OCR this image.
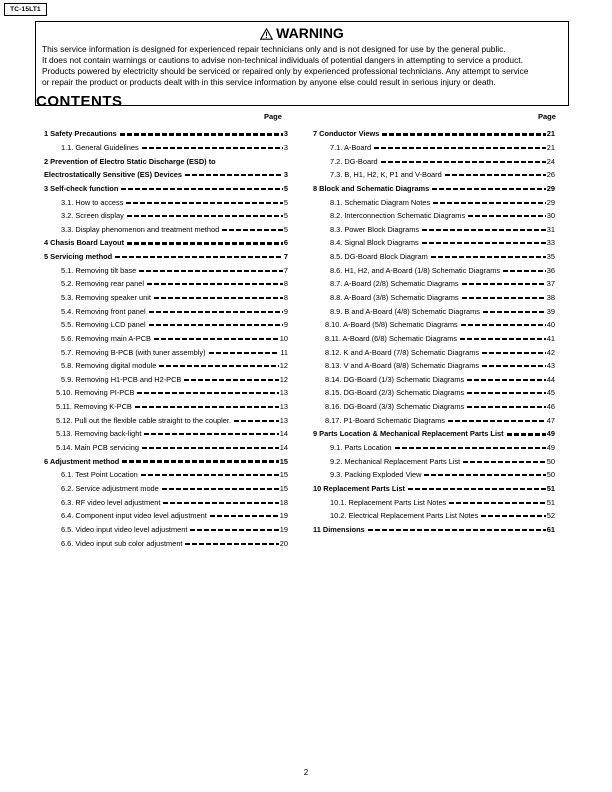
TC-15LT1
WARNING
This service information is designed for experienced repair technicians only and is not designed for use by the general public.
It does not contain warnings or cautions to advise non-technical individuals of potential dangers in attempting to service a product.
Products powered by electricity should be serviced or repaired only by experienced professional technicians. Any attempt to service
or repair the product or products dealt with in this service information by anyone else could result in serious injury or death.
CONTENTS
Page	Page
1 Safety Precautions	3
1.1. General Guidelines	3
2 Prevention of Electro Static Discharge (ESD) to
Electrostatically Sensitive (ES) Devices	3
3 Self-check function	5
3.1. How to access	5
3.2. Screen display	5
3.3. Display phenomenon and treatment method	5
4 Chasis Board Layout	6
5 Servicing method	7
5.1. Removing tilt base	7
5.2. Removing rear panel	8
5.3. Removing speaker unit	8
5.4. Removing front panel	9
5.5. Removing LCD panel	9
5.6. Removing main A-PCB	10
5.7. Removing B-PCB (with tuner assembly)	11
5.8. Removing digital module	12
5.9. Removing H1-PCB and H2-PCB	12
5.10. Removing PI-PCB	13
5.11. Removing K-PCB	13
5.12. Pull out the flexible cable straight to the coupler.	13
5.13. Removing back-light	14
5.14. Main PCB servicing	14
6 Adjustment method	15
6.1. Test Point Location	15
6.2. Service adjustment mode	15
6.3. RF video level adjustment	18
6.4. Component input video level adjustment	19
6.5. Video input video level adjustment	19
6.6. Video input sub color adjustment	20
7 Conductor Views	21
7.1. A-Board	21
7.2. DG-Board	24
7.3. B, H1, H2, K, P1 and V-Board	26
8 Block and Schematic Diagrams	29
8.1. Schematic Diagram Notes	29
8.2. Interconnection Schematic Diagrams	30
8.3. Power Block Diagrams	31
8.4. Signal Block Diagrams	33
8.5. DG-Board Block Diagram	35
8.6. H1, H2, and A-Board (1/8) Schematic Diagrams	36
8.7. A-Board (2/8) Schematic Diagrams	37
8.8. A-Board (3/8) Schematic Diagrams	38
8.9. B and A-Board (4/8) Schematic Diagrams	39
8.10. A-Board (5/8) Schematic Diagrams	40
8.11. A-Board (6/8) Schematic Diagrams	41
8.12. K and A-Board (7/8) Schematic Diagrams	42
8.13. V and A-Board (8/8) Schematic Diagrams	43
8.14. DG-Board (1/3) Schematic Diagrams	44
8.15. DG-Board (2/3) Schematic Diagrams	45
8.16. DG-Board (3/3) Schematic Diagrams	46
8.17. P1-Board Schematic Diagrams	47
9 Parts Location & Mechanical Replacement Parts List	49
9.1. Parts Location	49
9.2. Mechanical Replacement Parts List	50
9.3. Packing Exploded View	50
10 Replacement Parts List	51
10.1. Replacement Parts List Notes	51
10.2. Electrical Replacement Parts List Notes	52
11 Dimensions	61
2
